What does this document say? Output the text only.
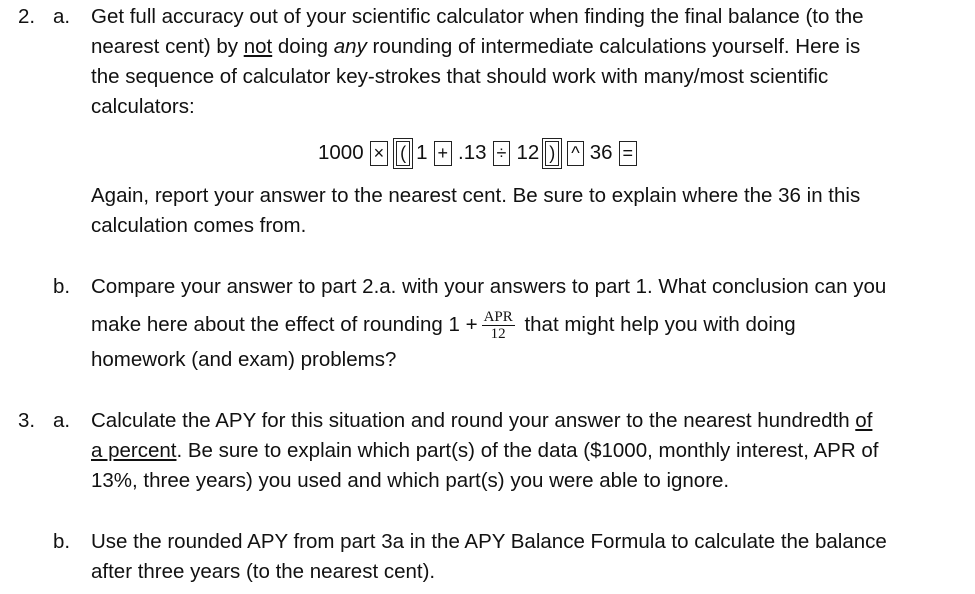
2. a. Get full accuracy out of your scientific calculator when finding the final balance (to the
nearest cent) by not doing any rounding of intermediate calculations yourself. Here is
the sequence of calculator key-strokes that should work with many/most scientific
calculators:
1000 × ( 1 + .13 ÷ 12 ) ^ 36 =
Again, report your answer to the nearest cent. Be sure to explain where the 36 in this
calculation comes from.
b. Compare your answer to part 2.a. with your answers to part 1. What conclusion can you
make here about the effect of rounding $1 + \frac{\text{APR}}{12}$ that might help you with doing
homework (and exam) problems?
3. a. Calculate the APY for this situation and round your answer to the nearest hundredth of
a percent. Be sure to explain which part(s) of the data ($1000, monthly interest, APR of
13%, three years) you used and which part(s) you were able to ignore.
b. Use the rounded APY from part 3a in the APY Balance Formula to calculate the balance
after three years (to the nearest cent).
